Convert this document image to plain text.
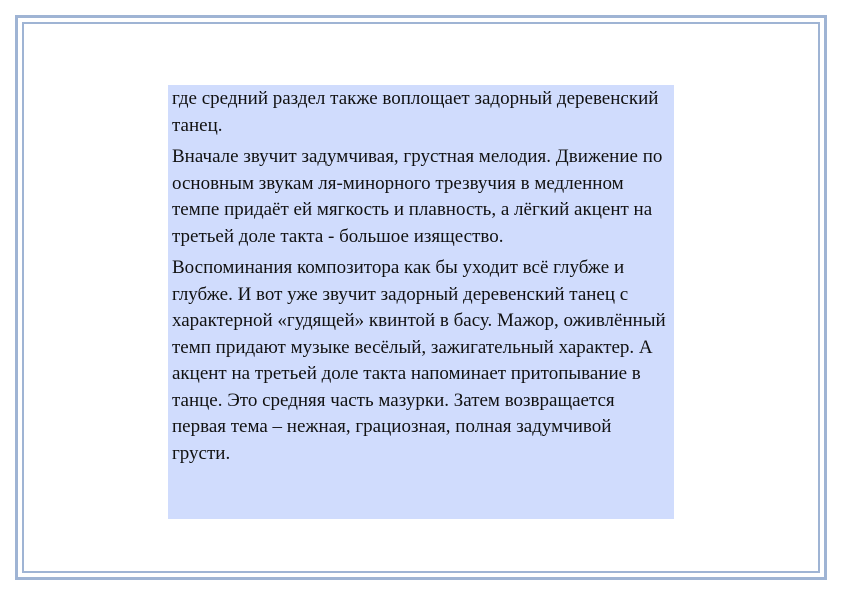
где средний раздел также воплощает задорный деревенский танец.

Вначале звучит задумчивая, грустная мелодия. Движение по основным звукам ля-минорного трезвучия в медленном темпе придаёт ей мягкость и плавность, а лёгкий акцент на третьей доле такта - большое изящество.

Воспоминания композитора как бы уходит всё глубже и глубже. И вот уже звучит задорный деревенский танец с характерной «гудящей» квинтой в басу. Мажор, оживлённый темп придают музыке весёлый, зажигательный характер. А акцент на третьей доле такта напоминает притопывание в танце. Это средняя часть мазурки. Затем возвращается первая тема – нежная, грациозная, полная задумчивой грусти.
